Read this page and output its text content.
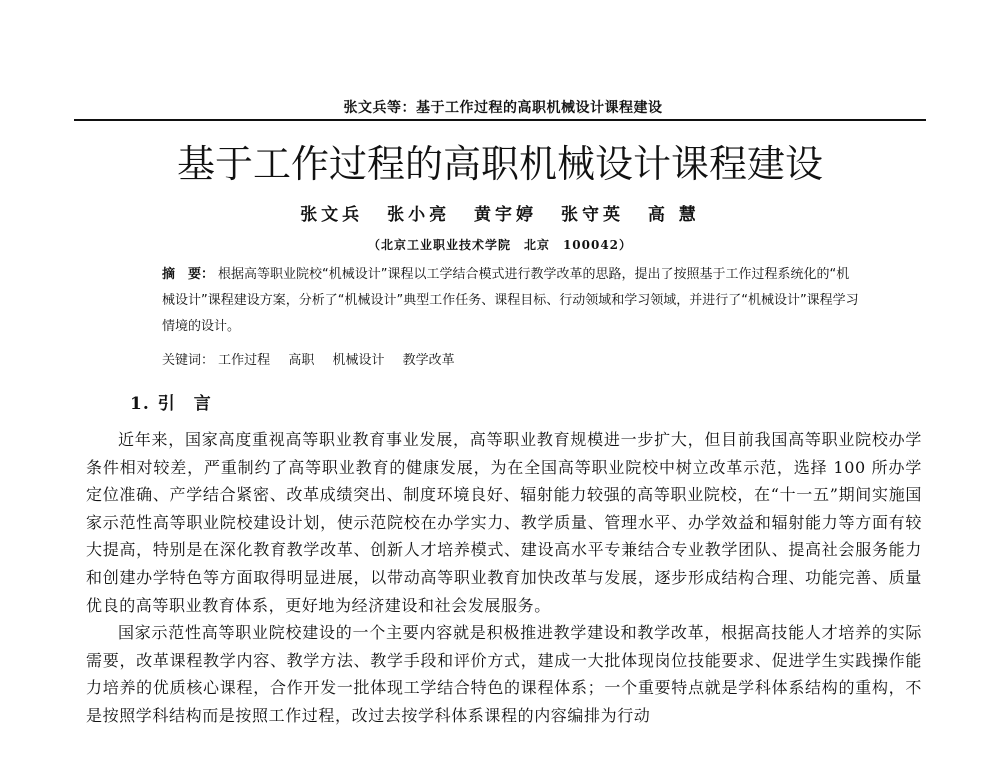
张文兵等：基于工作过程的高职机械设计课程建设
基于工作过程的高职机械设计课程建设
张文兵 张小亮 黄宇婷 张守英 高 慧
（北京工业职业技术学院　北京　100042）
摘　要： 根据高等职业院校“机械设计”课程以工学结合模式进行教学改革的思路，提出了按照基于工作过程系统化的“机械设计”课程建设方案，分析了“机械设计”典型工作任务、课程目标、行动领域和学习领域，并进行了“机械设计”课程学习情境的设计。
关键词： 工作过程 高职 机械设计 教学改革
1. 引　言

近年来，国家高度重视高等职业教育事业发展，高等职业教育规模进一步扩大，但目前我国高等职业院校办学条件相对较差，严重制约了高等职业教育的健康发展，为在全国高等职业院校中树立改革示范，选择 100 所办学定位准确、产学结合紧密、改革成绩突出、制度环境良好、辐射能力较强的高等职业院校，在“十一五”期间实施国家示范性高等职业院校建设计划，使示范院校在办学实力、教学质量、管理水平、办学效益和辐射能力等方面有较大提高，特别是在深化教育教学改革、创新人才培养模式、建设高水平专兼结合专业教学团队、提高社会服务能力和创建办学特色等方面取得明显进展，以带动高等职业教育加快改革与发展，逐步形成结构合理、功能完善、质量优良的高等职业教育体系，更好地为经济建设和社会发展服务。

国家示范性高等职业院校建设的一个主要内容就是积极推进教学建设和教学改革，根据高技能人才培养的实际需要，改革课程教学内容、教学方法、教学手段和评价方式，建成一大批体现岗位技能要求、促进学生实践操作能力培养的优质核心课程，合作开发一批体现工学结合特色的课程体系；一个重要特点就是学科体系结构的重构，不是按照学科结构而是按照工作过程，改过去按学科体系课程的内容编排为行动
